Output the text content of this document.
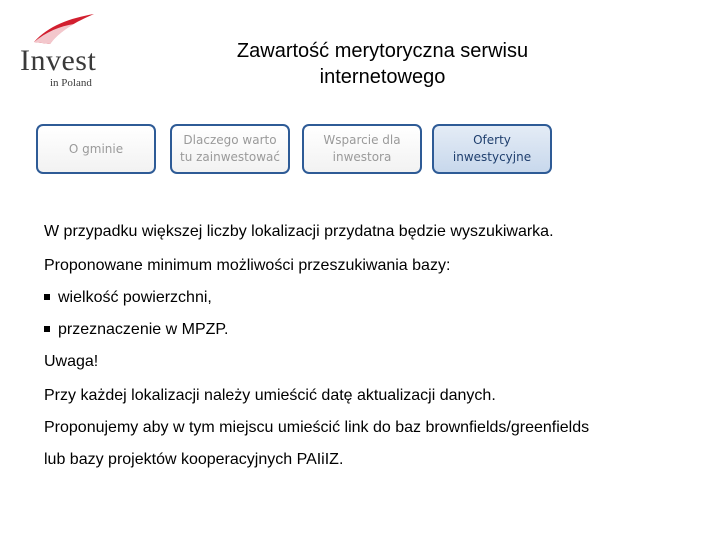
Invest
in Poland
Zawartość merytoryczna serwisu
internetowego
O gminie
Dlaczego warto
tu zainwestować
Wsparcie dla
inwestora
Oferty
inwestycyjne

W przypadku większej liczby lokalizacji przydatna będzie wyszukiwarka.

Proponowane minimum możliwości przeszukiwania bazy:

wielkość powierzchni,

przeznaczenie w MPZP.

Uwaga!

Przy każdej lokalizacji należy umieścić datę aktualizacji danych.

Proponujemy aby w tym miejscu umieścić link do baz brownfields/greenfields

lub bazy projektów kooperacyjnych PAIiIZ.
